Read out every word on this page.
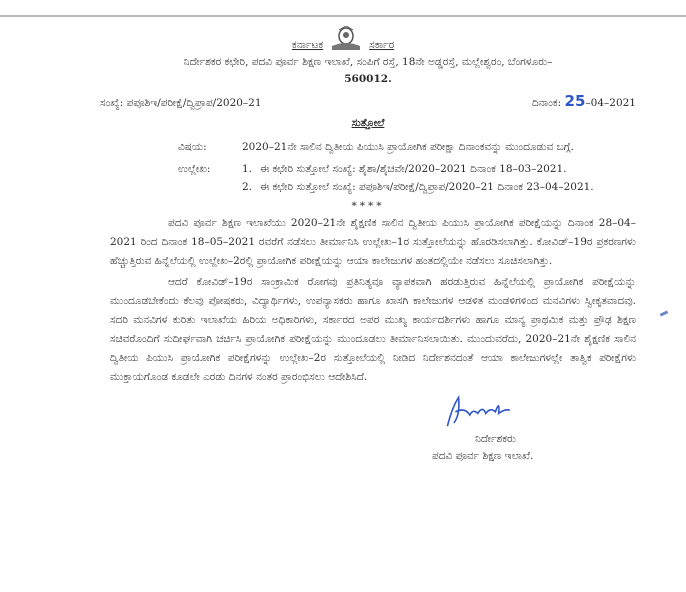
ಕರ್ನಾಟಕ	ಸರ್ಕಾರ
ನಿರ್ದೇಶಕರ ಕಛೇರಿ, ಪದವಿ ಪೂರ್ವ ಶಿಕ್ಷಣ ಇಲಾಖೆ, ಸಂಪಿಗೆ ರಸ್ತೆ, 18ನೇ ಅಡ್ಡರಸ್ತೆ, ಮಲ್ಲೇಶ್ವರಂ, ಬೆಂಗಳೂರು–
560012.
ಸಂಖ್ಯೆ: ಪಪೂಶಿಇ/ಪರೀಕ್ಷೆ/ದ್ವಿಪ್ರಾಪ/2020–21	ದಿನಾಂಕ: 25–04–2021
ಸುತ್ತೋಲೆ
ವಿಷಯ:	2020–21ನೇ ಸಾಲಿನ ದ್ವಿತೀಯ ಪಿಯುಸಿ ಪ್ರಾಯೋಗಿಕ ಪರೀಕ್ಷಾ ದಿನಾಂಕವನ್ನು ಮುಂದೂಡುವ ಬಗ್ಗೆ.
ಉಲ್ಲೇಖ:	1. ಈ ಕಛೇರಿ ಸುತ್ತೋಲೆ ಸಂಖ್ಯೆ: ಶೈಶಾ/ಶೈಚವೇ/2020–2021 ದಿನಾಂಕ 18–03–2021.
2. ಈ ಕಛೇರಿ ಸುತ್ತೋಲೆ ಸಂಖ್ಯೆ: ಪಪೂಶಿಇ/ಪರೀಕ್ಷೆ/ದ್ವಿಪ್ರಾಪ/2020–21 ದಿನಾಂಕ 23–04–2021.
****
ಪದವಿ ಪೂರ್ವ ಶಿಕ್ಷಣ ಇಲಾಖೆಯು 2020–21ನೇ ಶೈಕ್ಷಣಿಕ ಸಾಲಿನ ದ್ವಿತೀಯ ಪಿಯುಸಿ ಪ್ರಾಯೋಗಿಕ ಪರೀಕ್ಷೆಯನ್ನು ದಿನಾಂಕ 28–04–2021 ರಿಂದ ದಿನಾಂಕ 18–05–2021 ರವರೆಗೆ ನಡೆಸಲು ತೀರ್ಮಾನಿಸಿ ಉಲ್ಲೇಖ–1ರ ಸುತ್ತೋಲೆಯನ್ನು ಹೊರಡಿಸಲಾಗಿತ್ತು. ಕೋವಿಡ್–19ರ ಪ್ರಕರಣಗಳು ಹೆಚ್ಚುತ್ತಿರುವ ಹಿನ್ನೆಲೆಯಲ್ಲಿ ಉಲ್ಲೇಖ–2ರಲ್ಲಿ ಪ್ರಾಯೋಗಿಕ ಪರೀಕ್ಷೆಯನ್ನು ಆಯಾ ಕಾಲೇಜುಗಳ ಹಂತದಲ್ಲಿಯೇ ನಡೆಸಲು ಸೂಚಿಸಲಾಗಿತ್ತು.
ಆದರೆ ಕೋವಿಡ್–19ರ ಸಾಂಕ್ರಾಮಿಕ ರೋಗವು ಪ್ರತಿನಿತ್ಯವೂ ವ್ಯಾಪಕವಾಗಿ ಹರಡುತ್ತಿರುವ ಹಿನ್ನೆಲೆಯಲ್ಲಿ ಪ್ರಾಯೋಗಿಕ ಪರೀಕ್ಷೆಯನ್ನು ಮುಂದೂಡಬೇಕೆಂದು ಕೆಲವು ಪೋಷಕರು, ವಿದ್ಯಾರ್ಥಿಗಳು, ಉಪನ್ಯಾಸಕರು ಹಾಗೂ ಖಾಸಗಿ ಕಾಲೇಜುಗಳ ಆಡಳಿತ ಮಂಡಳಿಗಳಿಂದ ಮನವಿಗಳು ಸ್ವೀಕೃತವಾದವು. ಸದರಿ ಮನವಿಗಳ ಕುರಿತು ಇಲಾಖೆಯ ಹಿರಿಯ ಅಧಿಕಾರಿಗಳು, ಸರ್ಕಾರದ ಅಪರ ಮುಖ್ಯ ಕಾರ್ಯದರ್ಶಿಗಳು ಹಾಗೂ ಮಾನ್ಯ ಪ್ರಾಥಮಿಕ ಮತ್ತು ಪ್ರೌಢ ಶಿಕ್ಷಣ ಸಚಿವರೊಂದಿಗೆ ಸುದೀರ್ಘವಾಗಿ ಚರ್ಚಿಸಿ ಪ್ರಾಯೋಗಿಕ ಪರೀಕ್ಷೆಯನ್ನು ಮುಂದೂಡಲು ತೀರ್ಮಾನಿಸಲಾಯಿತು. ಮುಂದುವರೆದು, 2020–21ನೇ ಶೈಕ್ಷಣಿಕ ಸಾಲಿನ ದ್ವಿತೀಯ ಪಿಯುಸಿ ಪ್ರಾಯೋಗಿಕ ಪರೀಕ್ಷೆಗಳನ್ನು ಉಲ್ಲೇಖ–2ರ ಸುತ್ತೋಲೆಯಲ್ಲಿ ನೀಡಿದ ನಿರ್ದೇಶನದಂತೆ ಆಯಾ ಕಾಲೇಜುಗಳಲ್ಲೇ ತಾತ್ವಿಕ ಪರೀಕ್ಷೆಗಳು ಮುಕ್ತಾಯಗೊಂಡ ಕೂಡಲೇ ಎರಡು ದಿನಗಳ ನಂತರ ಪ್ರಾರಂಭಿಸಲು ಆದೇಶಿಸಿದೆ.
ನಿರ್ದೇಶಕರು
ಪದವಿ ಪೂರ್ವ ಶಿಕ್ಷಣ ಇಲಾಖೆ.
